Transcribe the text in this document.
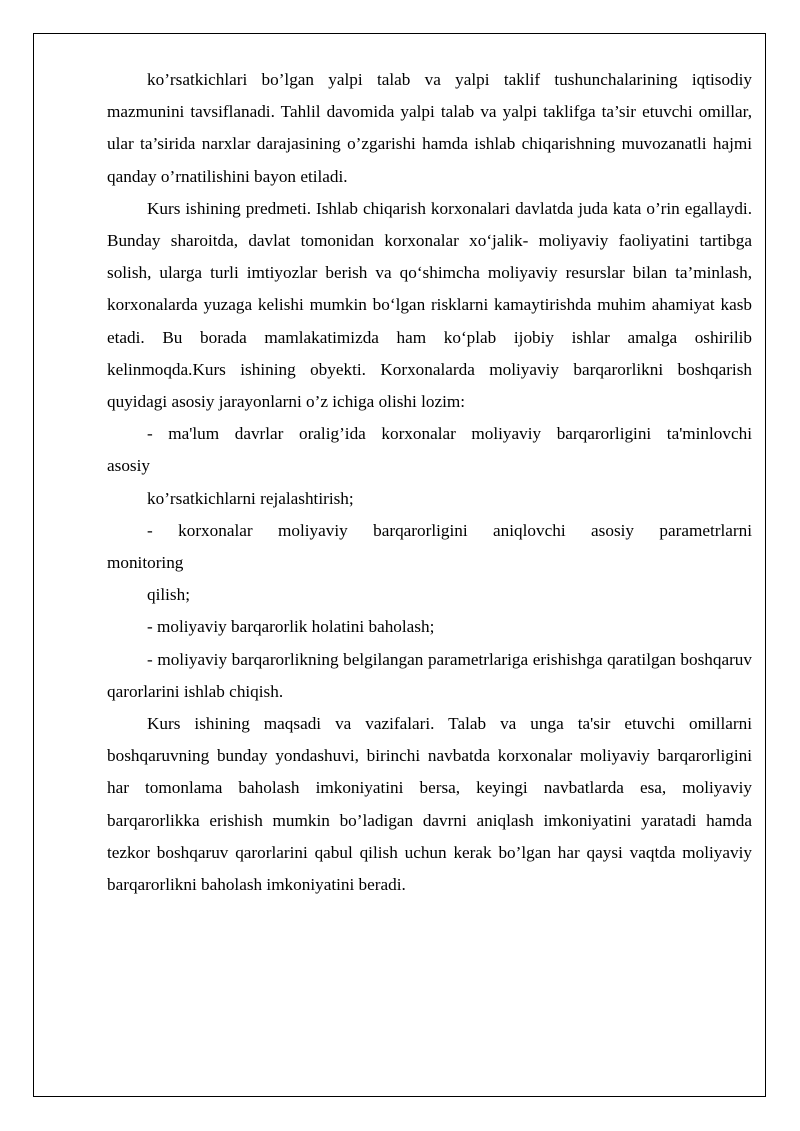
ko’rsatkichlari bo’lgan yalpi talab va yalpi taklif tushunchalarining iqtisodiy mazmunini tavsiflanadi. Tahlil davomida yalpi talab va yalpi taklifga ta’sir etuvchi omillar, ular ta’sirida narxlar darajasining o’zgarishi hamda ishlab chiqarishning muvozanatli hajmi qanday o’rnatilishini bayon etiladi.

Kurs ishining predmeti. Ishlab chiqarish korxonalari davlatda juda kata o’rin egallaydi. Bunday sharoitda, davlat tomonidan korxonalar xo‘jalik- moliyaviy faoliyatini tartibga solish, ularga turli imtiyozlar berish va qo‘shimcha moliyaviy resurslar bilan ta’minlash, korxonalarda yuzaga kelishi mumkin bo‘lgan risklarni kamaytirishda muhim ahamiyat kasb etadi. Bu borada mamlakatimizda ham ko‘plab ijobiy ishlar amalga oshirilib kelinmoqda.Kurs ishining obyekti. Korxonalarda moliyaviy barqarorlikni boshqarish quyidagi asosiy jarayonlarni o’z ichiga olishi lozim:

- ma'lum davrlar oralig’ida korxonalar moliyaviy barqarorligini ta'minlovchi
asosiy
ko’rsatkichlarni rejalashtirish;
- korxonalar moliyaviy barqarorligini aniqlovchi asosiy parametrlarni
monitoring
qilish;
- moliyaviy barqarorlik holatini baholash;

- moliyaviy barqarorlikning belgilangan parametrlariga erishishga qaratilgan boshqaruv qarorlarini ishlab chiqish.

Kurs ishining maqsadi va vazifalari. Talab va unga ta'sir etuvchi omillarni boshqaruvning bunday yondashuvi, birinchi navbatda korxonalar moliyaviy barqarorligini har tomonlama baholash imkoniyatini bersa, keyingi navbatlarda esa, moliyaviy barqarorlikka erishish mumkin bo’ladigan davrni aniqlash imkoniyatini yaratadi hamda tezkor boshqaruv qarorlarini qabul qilish uchun kerak bo’lgan har qaysi vaqtda moliyaviy barqarorlikni baholash imkoniyatini beradi.
